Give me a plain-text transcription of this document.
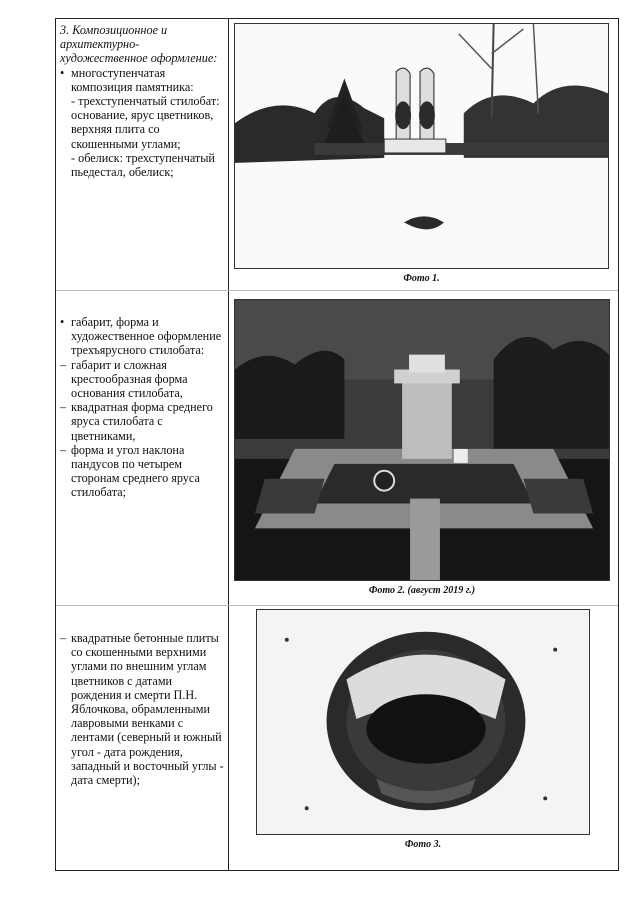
3. Композиционное и архитектурно-художественное оформление:
• многоступенчатая композиция памятника:
- трехступенчатый стилобат: основание, ярус цветников, верхняя плита со скошенными углами;
- обелиск: трехступенчатый пьедестал, обелиск;
Фото 1.
• габарит, форма и художественное оформление трехъярусного стилобата:
– габарит и сложная крестообразная форма основания стилобата,
– квадратная форма среднего яруса стилобата с цветниками,
– форма и угол наклона пандусов по четырем сторонам среднего яруса стилобата;
Фото 2. (август 2019 г.)
– квадратные бетонные плиты со скошенными верхними углами по внешним углам цветников с датами рождения и смерти П.Н. Яблочкова, обрамленными лавровыми венками с лентами (северный и южный угол - дата рождения, западный и восточный углы - дата смерти);
Фото 3.
